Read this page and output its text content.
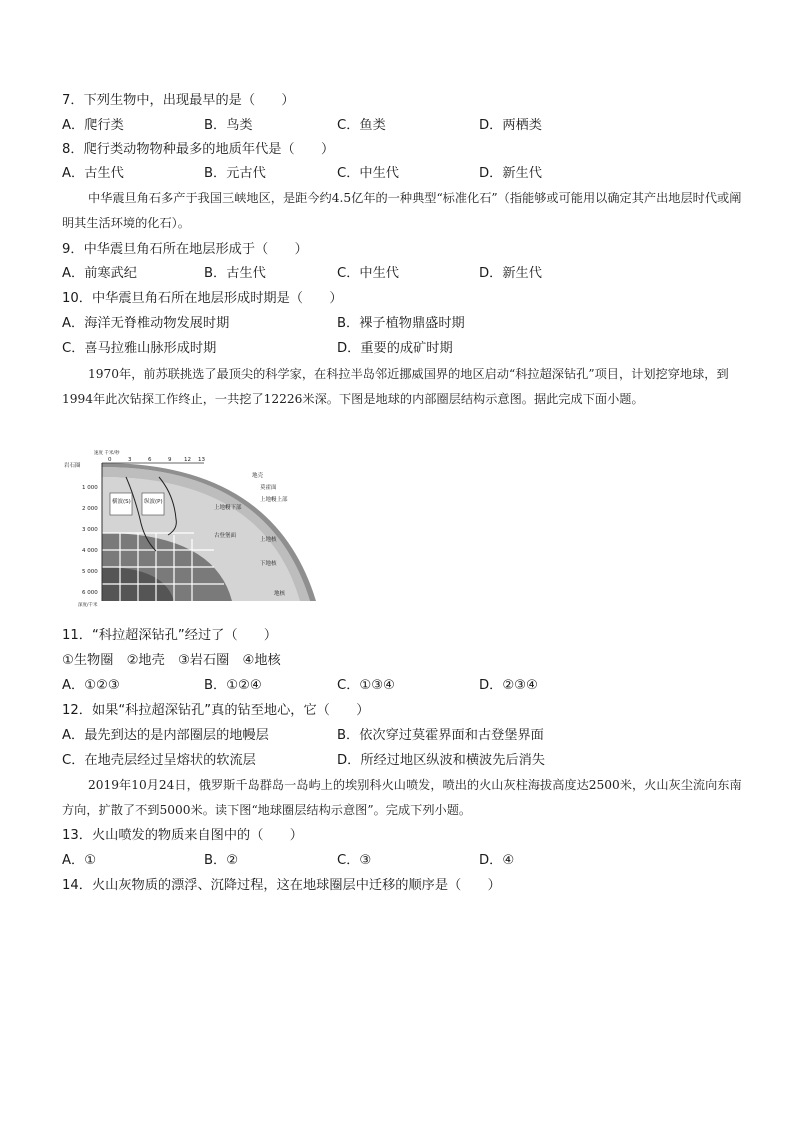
7．下列生物中，出现最早的是（　　）
A．爬行类	B．鸟类	C．鱼类	D．两栖类
8．爬行类动物物种最多的地质年代是（　　）
A．古生代	B．元古代	C．中生代	D．新生代
中华震旦角石多产于我国三峡地区，是距今约4.5亿年的一种典型“标准化石”（指能够或可能用以确定其产出地层时代或阐明其生活环境的化石）。
9．中华震旦角石所在地层形成于（　　）
A．前寒武纪	B．古生代	C．中生代	D．新生代
10．中华震旦角石所在地层形成时期是（　　）
A．海洋无脊椎动物发展时期	B．裸子植物鼎盛时期
C．喜马拉雅山脉形成时期	D．重要的成矿时期
1970年，前苏联挑选了最顶尖的科学家，在科拉半岛邻近挪威国界的地区启动“科拉超深钻孔”项目，计划挖穿地球，到1994年此次钻探工作终止，一共挖了12226米深。下图是地球的内部圈层结构示意图。据此完成下面小题。
岩石圈
速度 千米/秒
0	3	6	9 12 13
1 000
2 000
3 000
4 000
5 000
6 000
深度/千米
横波(S) 纵波(P)
地壳
莫霍面
上地幔上部
上地幔下部
古登堡面
上地核
下地核
地核
11．“科拉超深钻孔”经过了（　　）
①生物圈　②地壳　③岩石圈　④地核
A．①②③	B．①②④	C．①③④	D．②③④
12．如果“科拉超深钻孔”真的钻至地心，它（　　）
A．最先到达的是内部圈层的地幔层	B．依次穿过莫霍界面和古登堡界面
C．在地壳层经过呈熔状的软流层	D．所经过地区纵波和横波先后消失
2019年10月24日，俄罗斯千岛群岛一岛屿上的埃别科火山喷发，喷出的火山灰柱海拔高度达2500米，火山灰尘流向东南方向，扩散了不到5000米。读下图“地球圈层结构示意图”。完成下列小题。
13．火山喷发的物质来自图中的（　　）
A．①	B．②	C．③	D．④
14．火山灰物质的漂浮、沉降过程，这在地球圈层中迁移的顺序是（　　）
